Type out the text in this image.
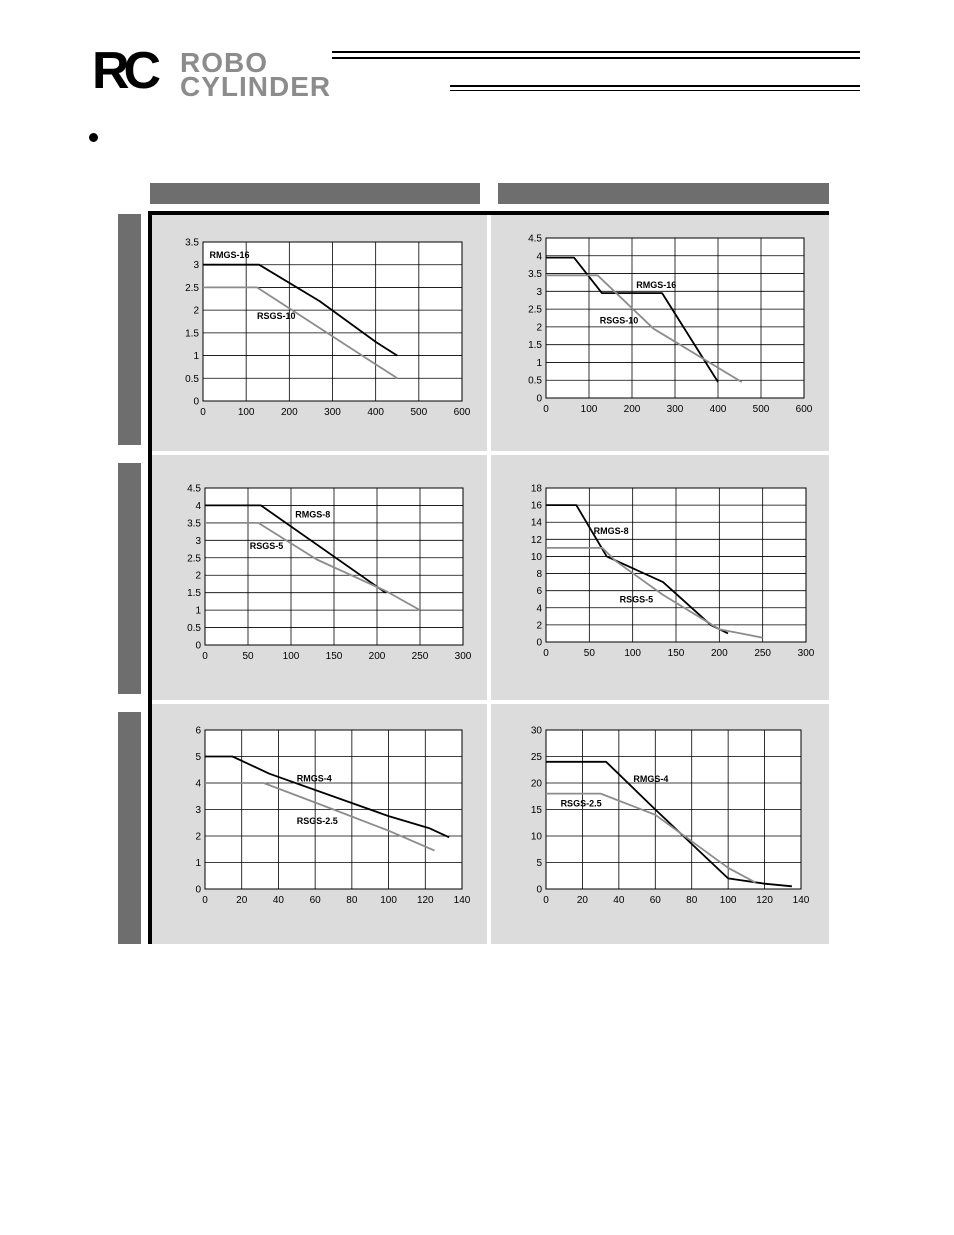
RC ROBO
CYLINDER
0	100	200	300	400	500	600
0
0.5
1
1.5
2
2.5
3
3.5
RMGS-16
RSGS-10
0	100	200	300	400	500	600
0
0.5
1
1.5
2
2.5
3
3.5
4
4.5
RMGS-16
RSGS-10
0	50	100	150	200	250	300
0
0.5
1
1.5
2
2.5
3
3.5
4
4.5
RMGS-8
RSGS-5
0	50	100	150	200	250	300
0
2
4
6
8
10
12
14
16
18
RMGS-8
RSGS-5
0	20	40	60	80 100 120 140
0
1
2
3
4
5
6
RMGS-4
RSGS-2.5
0	20	40	60	80 100 120 140
0
5
10
15
20
25
30
RMGS-4
RSGS-2.5
